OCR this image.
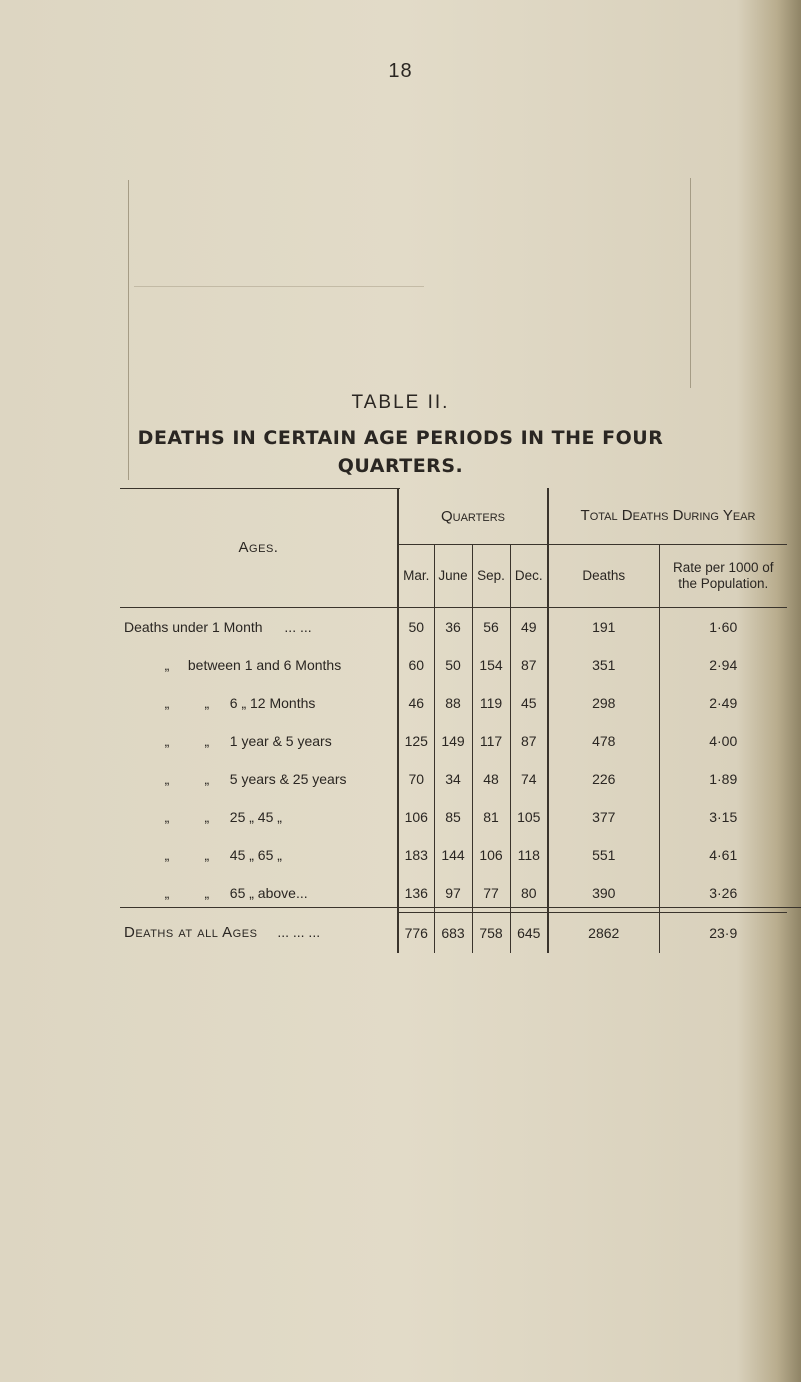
18
TABLE II.
DEATHS IN CERTAIN AGE PERIODS IN THE FOUR
QUARTERS.
Ages.	Quarters				Total Deaths During Year	
	Mar.	June	Sep.	Dec.	Deaths	Rate per 1000 of the Population.
Deaths under 1 Month ... ...	50	36	56	49	191	1·60
„ between 1 and 6 Months	60	50	154	87	351	2·94
„ „ 6 „ 12 Months	46	88	119	45	298	2·49
„ „ 1 year & 5 years	125	149	117	87	478	4·00
„ „ 5 years & 25 years	70	34	48	74	226	1·89
„ „ 25 „ 45 „	106	85	81	105	377	3·15
„ „ 45 „ 65 „	183	144	106	118	551	4·61
„ „ 65 „ above...	136	97	77	80	390	3·26
Deaths at all Ages ... ... ...	776	683	758	645	2862	23·9
